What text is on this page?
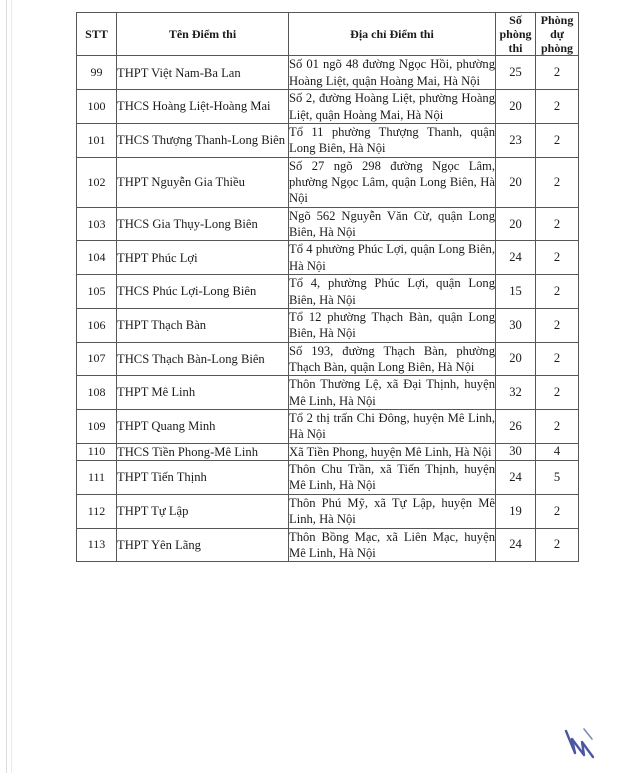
STT	Tên Điểm thi	Địa chỉ Điểm thi	Số phòng thi	Phòng dự phòng
99	THPT Việt Nam-Ba Lan	Số 01 ngõ 48 đường Ngọc Hồi, phường Hoàng Liệt, quận Hoàng Mai, Hà Nội	25	2
100	THCS Hoàng Liệt-Hoàng Mai	Số 2, đường Hoàng Liệt, phường Hoàng Liệt, quận Hoàng Mai, Hà Nội	20	2
101	THCS Thượng Thanh-Long Biên	Tổ 11 phường Thượng Thanh, quận Long Biên, Hà Nội	23	2
102	THPT Nguyễn Gia Thiều	Số 27 ngõ 298 đường Ngọc Lâm, phường Ngọc Lâm, quận Long Biên, Hà Nội	20	2
103	THCS Gia Thụy-Long Biên	Ngõ 562 Nguyễn Văn Cừ, quận Long Biên, Hà Nội	20	2
104	THPT Phúc Lợi	Tổ 4 phường Phúc Lợi, quận Long Biên, Hà Nội	24	2
105	THCS Phúc Lợi-Long Biên	Tổ 4, phường Phúc Lợi, quận Long Biên, Hà Nội	15	2
106	THPT Thạch Bàn	Tổ 12 phường Thạch Bàn, quận Long Biên, Hà Nội	30	2
107	THCS Thạch Bàn-Long Biên	Số 193, đường Thạch Bàn, phường Thạch Bàn, quận Long Biên, Hà Nội	20	2
108	THPT Mê Linh	Thôn Thường Lệ, xã Đại Thịnh, huyện Mê Linh, Hà Nội	32	2
109	THPT Quang Minh	Tổ 2 thị trấn Chi Đông, huyện Mê Linh, Hà Nội	26	2
110	THCS Tiền Phong-Mê Linh	Xã Tiền Phong, huyện Mê Linh, Hà Nội	30	4
111	THPT Tiến Thịnh	Thôn Chu Trần, xã Tiến Thịnh, huyện Mê Linh, Hà Nội	24	5
112	THPT Tự Lập	Thôn Phú Mỹ, xã Tự Lập, huyện Mê Linh, Hà Nội	19	2
113	THPT Yên Lãng	Thôn Bồng Mạc, xã Liên Mạc, huyện Mê Linh, Hà Nội	24	2
